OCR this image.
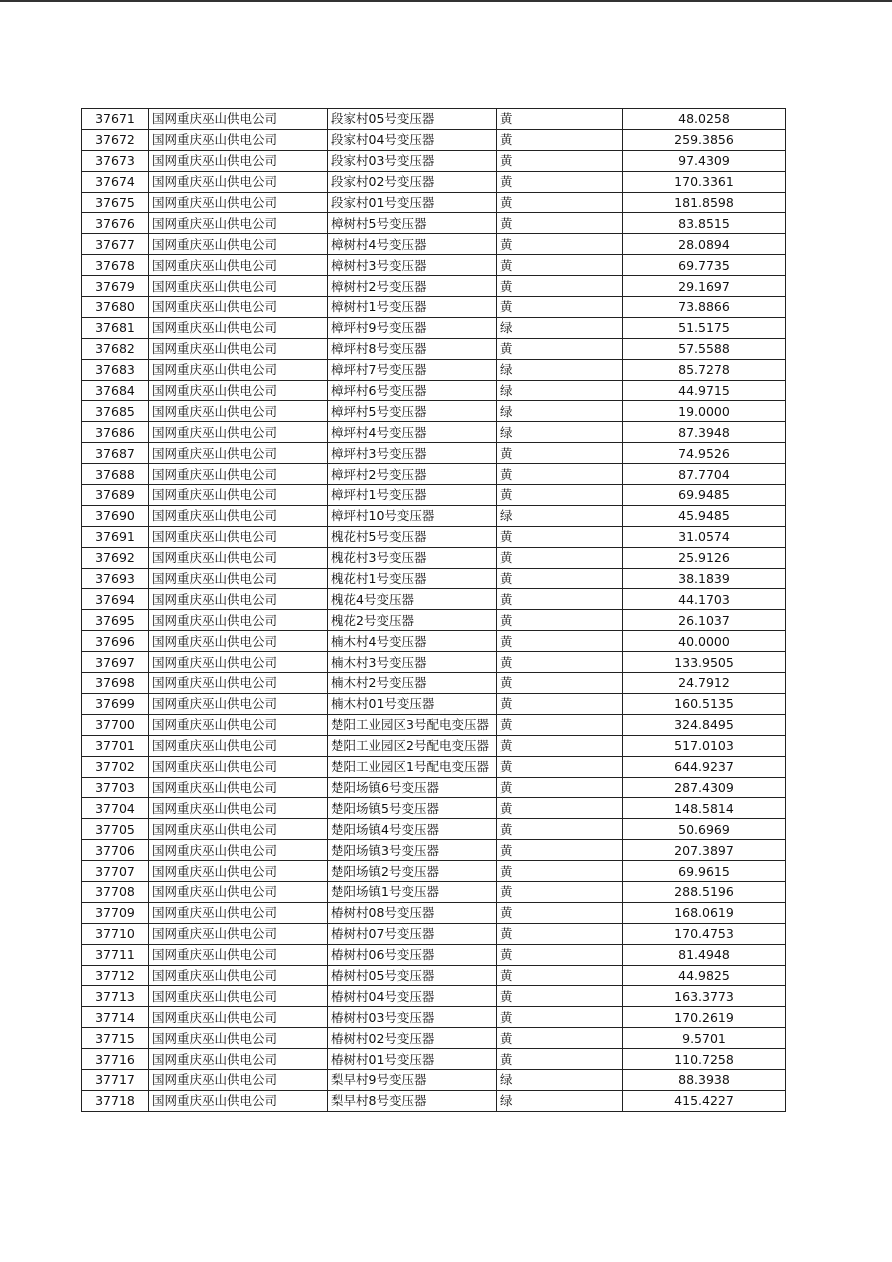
37671	国网重庆巫山供电公司	段家村05号变压器	黄	48.0258
37672	国网重庆巫山供电公司	段家村04号变压器	黄	259.3856
37673	国网重庆巫山供电公司	段家村03号变压器	黄	97.4309
37674	国网重庆巫山供电公司	段家村02号变压器	黄	170.3361
37675	国网重庆巫山供电公司	段家村01号变压器	黄	181.8598
37676	国网重庆巫山供电公司	樟树村5号变压器	黄	83.8515
37677	国网重庆巫山供电公司	樟树村4号变压器	黄	28.0894
37678	国网重庆巫山供电公司	樟树村3号变压器	黄	69.7735
37679	国网重庆巫山供电公司	樟树村2号变压器	黄	29.1697
37680	国网重庆巫山供电公司	樟树村1号变压器	黄	73.8866
37681	国网重庆巫山供电公司	樟坪村9号变压器	绿	51.5175
37682	国网重庆巫山供电公司	樟坪村8号变压器	黄	57.5588
37683	国网重庆巫山供电公司	樟坪村7号变压器	绿	85.7278
37684	国网重庆巫山供电公司	樟坪村6号变压器	绿	44.9715
37685	国网重庆巫山供电公司	樟坪村5号变压器	绿	19.0000
37686	国网重庆巫山供电公司	樟坪村4号变压器	绿	87.3948
37687	国网重庆巫山供电公司	樟坪村3号变压器	黄	74.9526
37688	国网重庆巫山供电公司	樟坪村2号变压器	黄	87.7704
37689	国网重庆巫山供电公司	樟坪村1号变压器	黄	69.9485
37690	国网重庆巫山供电公司	樟坪村10号变压器	绿	45.9485
37691	国网重庆巫山供电公司	槐花村5号变压器	黄	31.0574
37692	国网重庆巫山供电公司	槐花村3号变压器	黄	25.9126
37693	国网重庆巫山供电公司	槐花村1号变压器	黄	38.1839
37694	国网重庆巫山供电公司	槐花4号变压器	黄	44.1703
37695	国网重庆巫山供电公司	槐花2号变压器	黄	26.1037
37696	国网重庆巫山供电公司	楠木村4号变压器	黄	40.0000
37697	国网重庆巫山供电公司	楠木村3号变压器	黄	133.9505
37698	国网重庆巫山供电公司	楠木村2号变压器	黄	24.7912
37699	国网重庆巫山供电公司	楠木村01号变压器	黄	160.5135
37700	国网重庆巫山供电公司	楚阳工业园区3号配电变压器	黄	324.8495
37701	国网重庆巫山供电公司	楚阳工业园区2号配电变压器	黄	517.0103
37702	国网重庆巫山供电公司	楚阳工业园区1号配电变压器	黄	644.9237
37703	国网重庆巫山供电公司	楚阳场镇6号变压器	黄	287.4309
37704	国网重庆巫山供电公司	楚阳场镇5号变压器	黄	148.5814
37705	国网重庆巫山供电公司	楚阳场镇4号变压器	黄	50.6969
37706	国网重庆巫山供电公司	楚阳场镇3号变压器	黄	207.3897
37707	国网重庆巫山供电公司	楚阳场镇2号变压器	黄	69.9615
37708	国网重庆巫山供电公司	楚阳场镇1号变压器	黄	288.5196
37709	国网重庆巫山供电公司	椿树村08号变压器	黄	168.0619
37710	国网重庆巫山供电公司	椿树村07号变压器	黄	170.4753
37711	国网重庆巫山供电公司	椿树村06号变压器	黄	81.4948
37712	国网重庆巫山供电公司	椿树村05号变压器	黄	44.9825
37713	国网重庆巫山供电公司	椿树村04号变压器	黄	163.3773
37714	国网重庆巫山供电公司	椿树村03号变压器	黄	170.2619
37715	国网重庆巫山供电公司	椿树村02号变压器	黄	9.5701
37716	国网重庆巫山供电公司	椿树村01号变压器	黄	110.7258
37717	国网重庆巫山供电公司	梨早村9号变压器	绿	88.3938
37718	国网重庆巫山供电公司	梨早村8号变压器	绿	415.4227
